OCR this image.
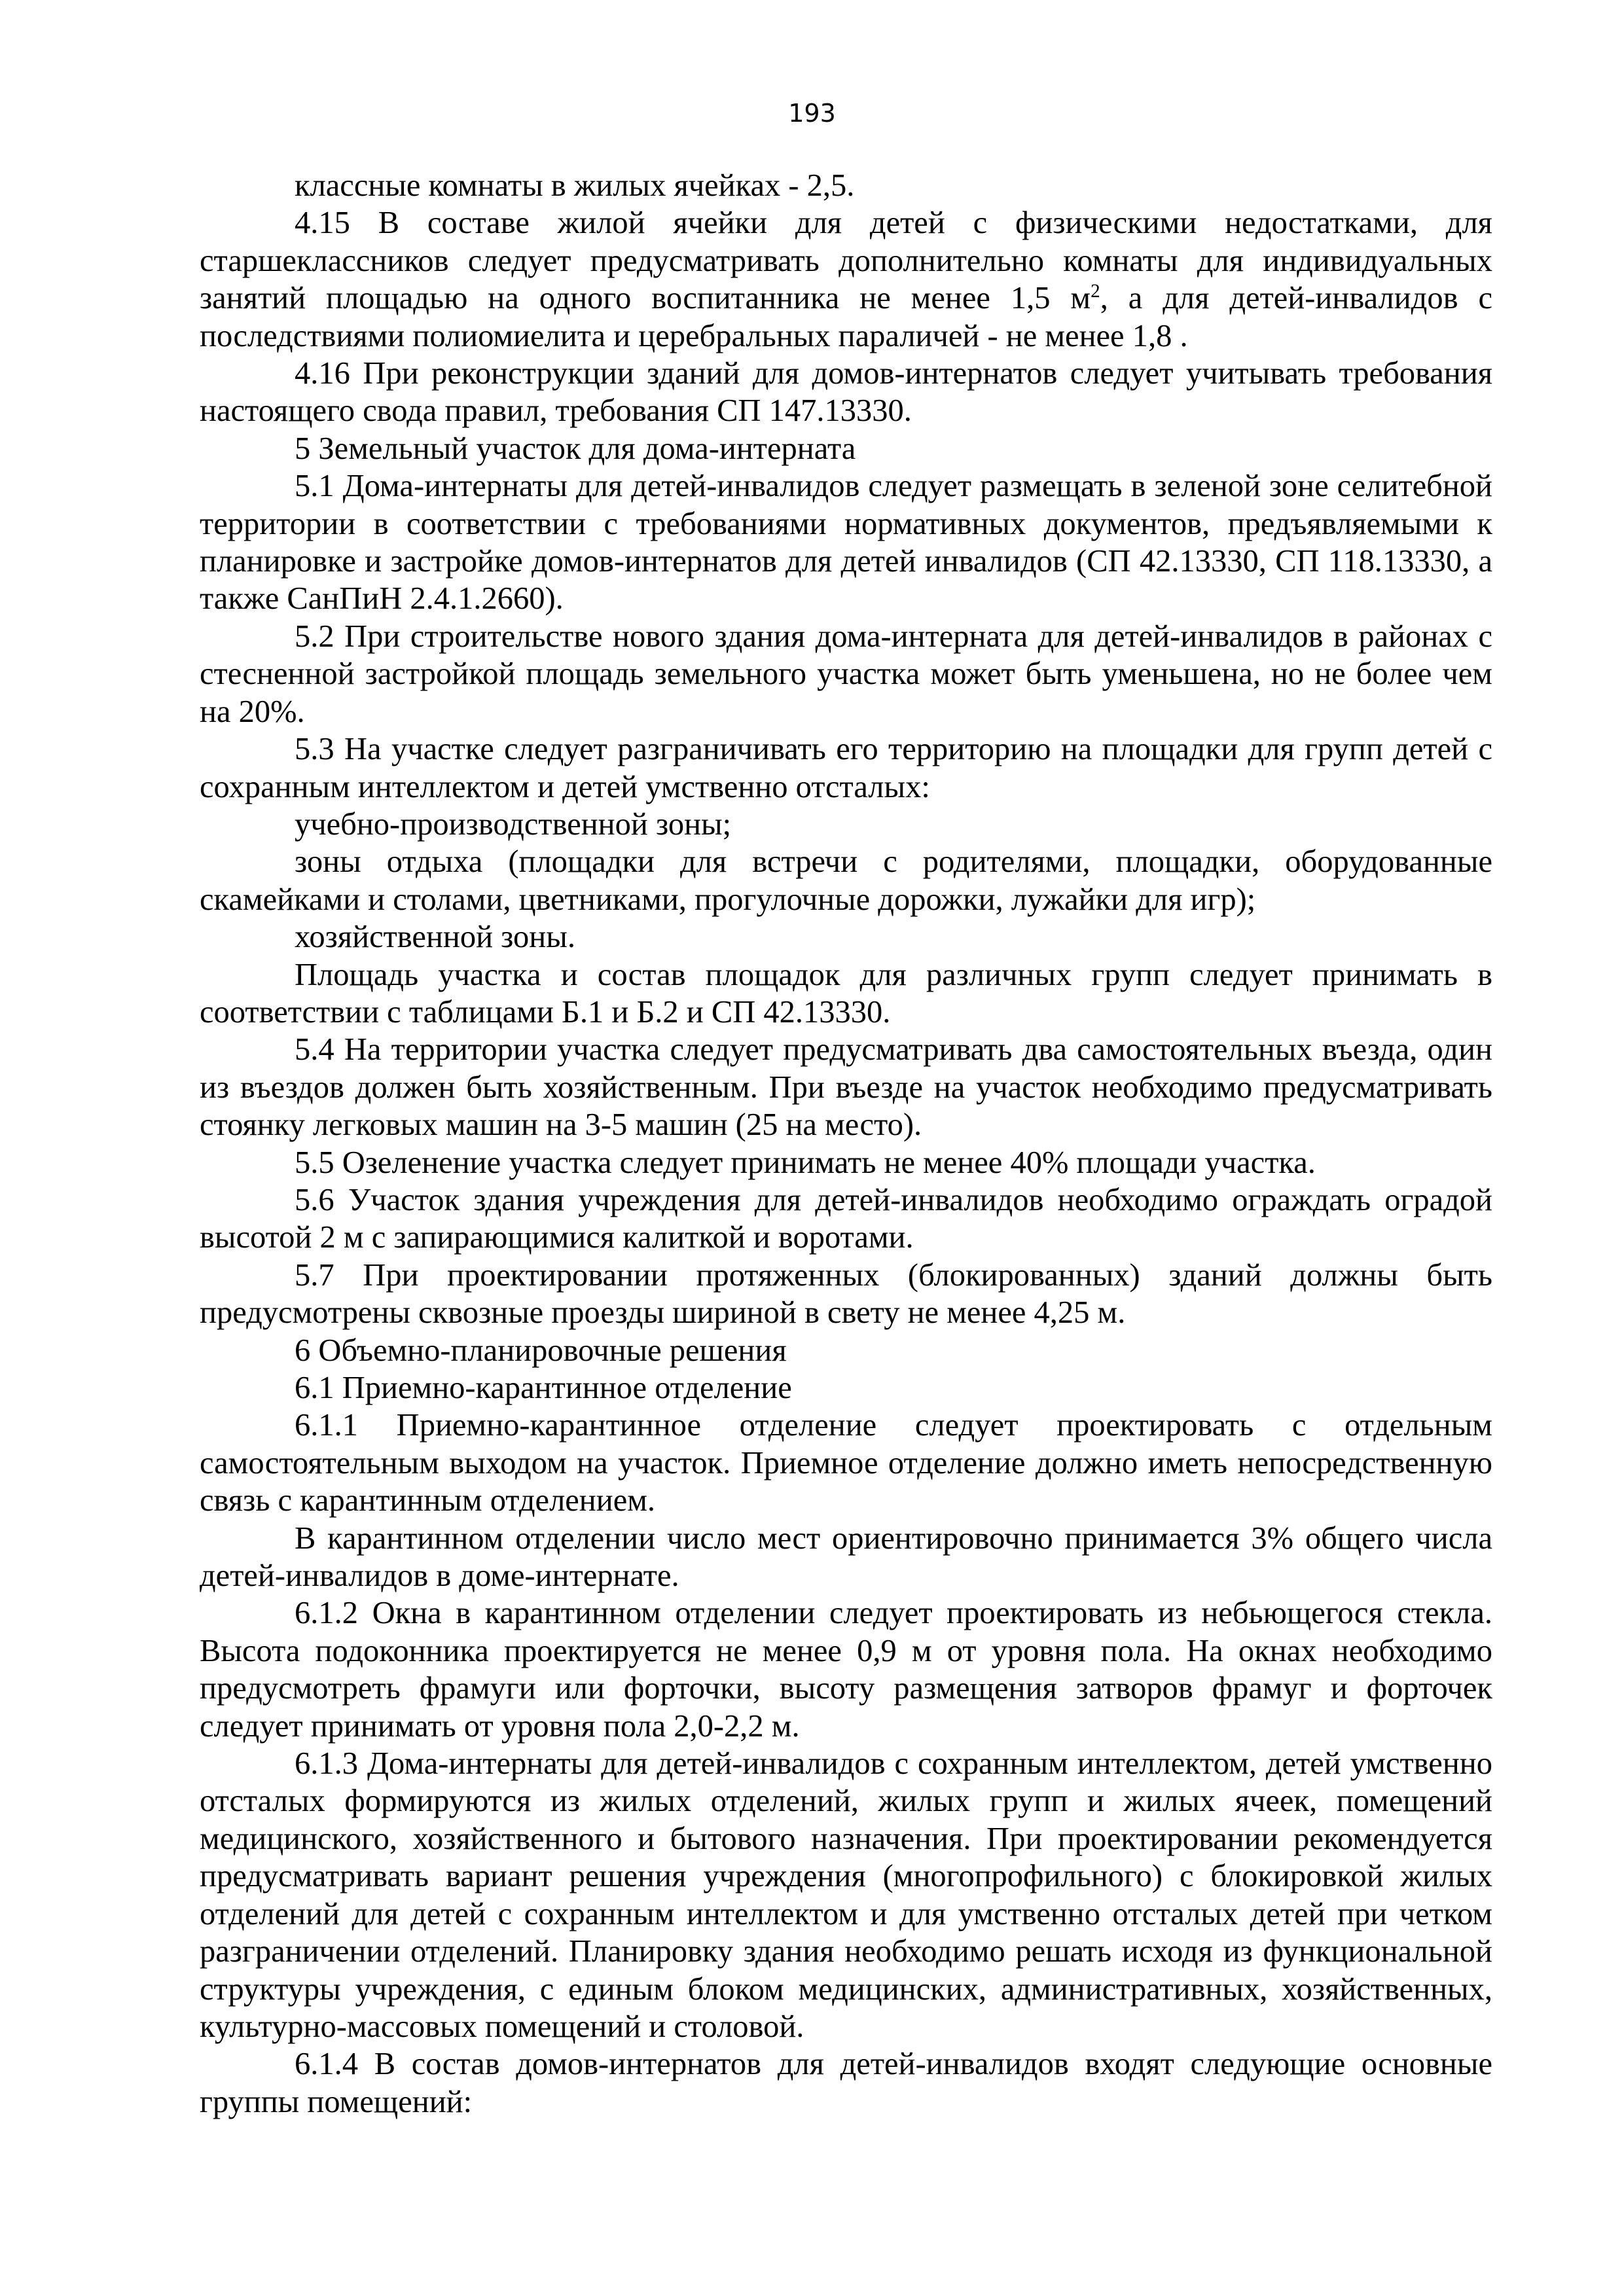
193

классные комнаты в жилых ячейках - 2,5.

4.15 В составе жилой ячейки для детей с физическими недостатками, для старшеклассников следует предусматривать дополнительно комнаты для индивидуальных занятий площадью на одного воспитанника не менее 1,5 $м^2$, а для детей-инвалидов с последствиями полиомиелита и церебральных параличей - не менее 1,8 .

4.16 При реконструкции зданий для домов-интернатов следует учитывать требования настоящего свода правил, требования СП 147.13330.

5 Земельный участок для дома-интерната

5.1 Дома-интернаты для детей-инвалидов следует размещать в зеленой зоне селитебной территории в соответствии с требованиями нормативных документов, предъявляемыми к планировке и застройке домов-интернатов для детей инвалидов (СП 42.13330, СП 118.13330, а также СанПиН 2.4.1.2660).

5.2 При строительстве нового здания дома-интерната для детей-инвалидов в районах с стесненной застройкой площадь земельного участка может быть уменьшена, но не более чем на 20%.

5.3 На участке следует разграничивать его территорию на площадки для групп детей с сохранным интеллектом и детей умственно отсталых:

учебно-производственной зоны;

зоны отдыха (площадки для встречи с родителями, площадки, оборудованные скамейками и столами, цветниками, прогулочные дорожки, лужайки для игр);

хозяйственной зоны.

Площадь участка и состав площадок для различных групп следует принимать в соответствии с таблицами Б.1 и Б.2 и СП 42.13330.

5.4 На территории участка следует предусматривать два самостоятельных въезда, один из въездов должен быть хозяйственным. При въезде на участок необходимо предусматривать стоянку легковых машин на 3-5 машин (25 на место).

5.5 Озеленение участка следует принимать не менее 40% площади участка.

5.6 Участок здания учреждения для детей-инвалидов необходимо ограждать оградой высотой 2 м с запирающимися калиткой и воротами.

5.7 При проектировании протяженных (блокированных) зданий должны быть предусмотрены сквозные проезды шириной в свету не менее 4,25 м.

6 Объемно-планировочные решения

6.1 Приемно-карантинное отделение

6.1.1 Приемно-карантинное отделение следует проектировать с отдельным самостоятельным выходом на участок. Приемное отделение должно иметь непосредственную связь с карантинным отделением.

В карантинном отделении число мест ориентировочно принимается 3% общего числа детей-инвалидов в доме-интернате.

6.1.2 Окна в карантинном отделении следует проектировать из небьющегося стекла. Высота подоконника проектируется не менее 0,9 м от уровня пола. На окнах необходимо предусмотреть фрамуги или форточки, высоту размещения затворов фрамуг и форточек следует принимать от уровня пола 2,0-2,2 м.

6.1.3 Дома-интернаты для детей-инвалидов с сохранным интеллектом, детей умственно отсталых формируются из жилых отделений, жилых групп и жилых ячеек, помещений медицинского, хозяйственного и бытового назначения. При проектировании рекомендуется предусматривать вариант решения учреждения (многопрофильного) с блокировкой жилых отделений для детей с сохранным интеллектом и для умственно отсталых детей при четком разграничении отделений. Планировку здания необходимо решать исходя из функциональной структуры учреждения, с единым блоком медицинских, административных, хозяйственных, культурно-массовых помещений и столовой.

6.1.4 В состав домов-интернатов для детей-инвалидов входят следующие основные группы помещений:
